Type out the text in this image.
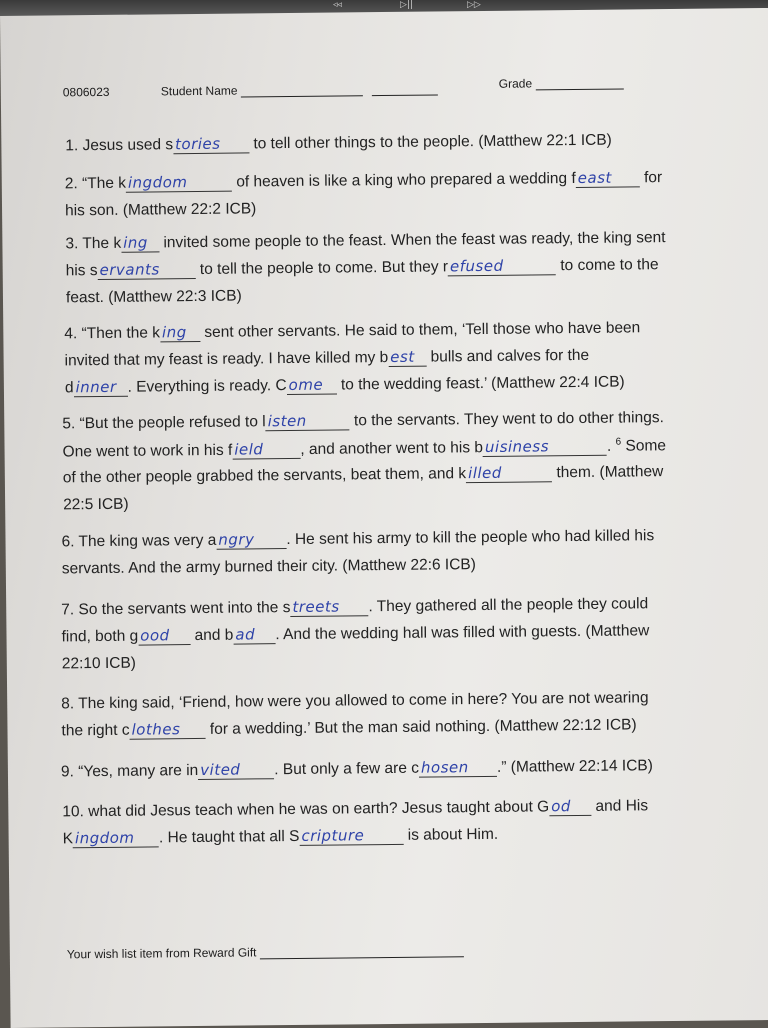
◃◃	▷||	▷▷
0806023	Student Name	Grade
1. Jesus used s tories to tell other things to the people. (Matthew 22:1 ICB)
2. “The k ingdom	of heaven is like a king who prepared a wedding f east for
his son. (Matthew 22:2 ICB)
3. The k ing invited some people to the feast. When the feast was ready, the king sent
his s ervants to tell the people to come. But they r efused	to come to the
feast. (Matthew 22:3 ICB)
4. “Then the k ing sent other servants. He said to them, ‘Tell those who have been
invited that my feast is ready. I have killed my b est bulls and calves for the
d inner . Everything is ready. C ome to the wedding feast.’ (Matthew 22:4 ICB)
5. “But the people refused to l isten	to the servants. They went to do other things.
One went to work in his f ield , and another went to his b uisiness	. $^6$ Some
of the other people grabbed the servants, beat them, and k illed	them. (Matthew
22:5 ICB)
6. The king was very a ngry . He sent his army to kill the people who had killed his
servants. And the army burned their city. (Matthew 22:6 ICB)
7. So the servants went into the s treets . They gathered all the people they could
find, both g ood and b ad . And the wedding hall was filled with guests. (Matthew
22:10 ICB)
8. The king said, ‘Friend, how were you allowed to come in here? You are not wearing
the right c lothes for a wedding.’ But the man said nothing. (Matthew 22:12 ICB)
9. “Yes, many are in vited . But only a few are c hosen .” (Matthew 22:14 ICB)
10. what did Jesus teach when he was on earth? Jesus taught about G od and His
K ingdom . He taught that all S cripture	is about Him.
Your wish list item from Reward Gift
